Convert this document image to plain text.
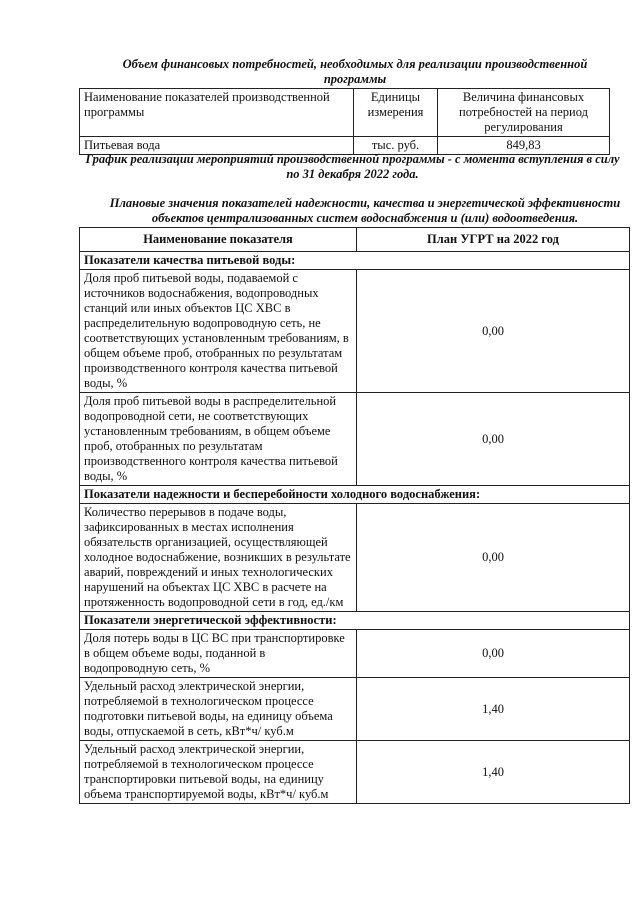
Объем финансовых потребностей, необходимых для реализации производственной программы
Наименование показателей производственной программы	Единицы измерения	Величина финансовых потребностей на период регулирования
Питьевая вода	тыс. руб.	849,83
График реализации мероприятий производственной программы - с момента вступления в силу по 31 декабря 2022 года.
Плановые значения показателей надежности, качества и энергетической эффективности объектов централизованных систем водоснабжения и (или) водоотведения.
Наименование показателя	План УГРТ на 2022 год
Показатели качества питьевой воды:	
Доля проб питьевой воды, подаваемой с источников водоснабжения, водопроводных станций или иных объектов ЦС ХВС в распределительную водопроводную сеть, не соответствующих установленным требованиям, в общем объеме проб, отобранных по результатам производственного контроля качества питьевой воды, %	0,00
Доля проб питьевой воды в распределительной водопроводной сети, не соответствующих установленным требованиям, в общем объеме проб, отобранных по результатам производственного контроля качества питьевой воды, %	0,00
Показатели надежности и бесперебойности холодного водоснабжения:	
Количество перерывов в подаче воды, зафиксированных в местах исполнения обязательств организацией, осуществляющей холодное водоснабжение, возникших в результате аварий, повреждений и иных технологических нарушений на объектах ЦС ХВС в расчете на протяженность водопроводной сети в год, ед./км	0,00
Показатели энергетической эффективности:	
Доля потерь воды в ЦС ВС при транспортировке в общем объеме воды, поданной в водопроводную сеть, %	0,00
Удельный расход электрической энергии, потребляемой в технологическом процессе подготовки питьевой воды, на единицу объема воды, отпускаемой в сеть, кВт*ч/ куб.м	1,40
Удельный расход электрической энергии, потребляемой в технологическом процессе транспортировки питьевой воды, на единицу объема транспортируемой воды, кВт*ч/ куб.м	1,40
